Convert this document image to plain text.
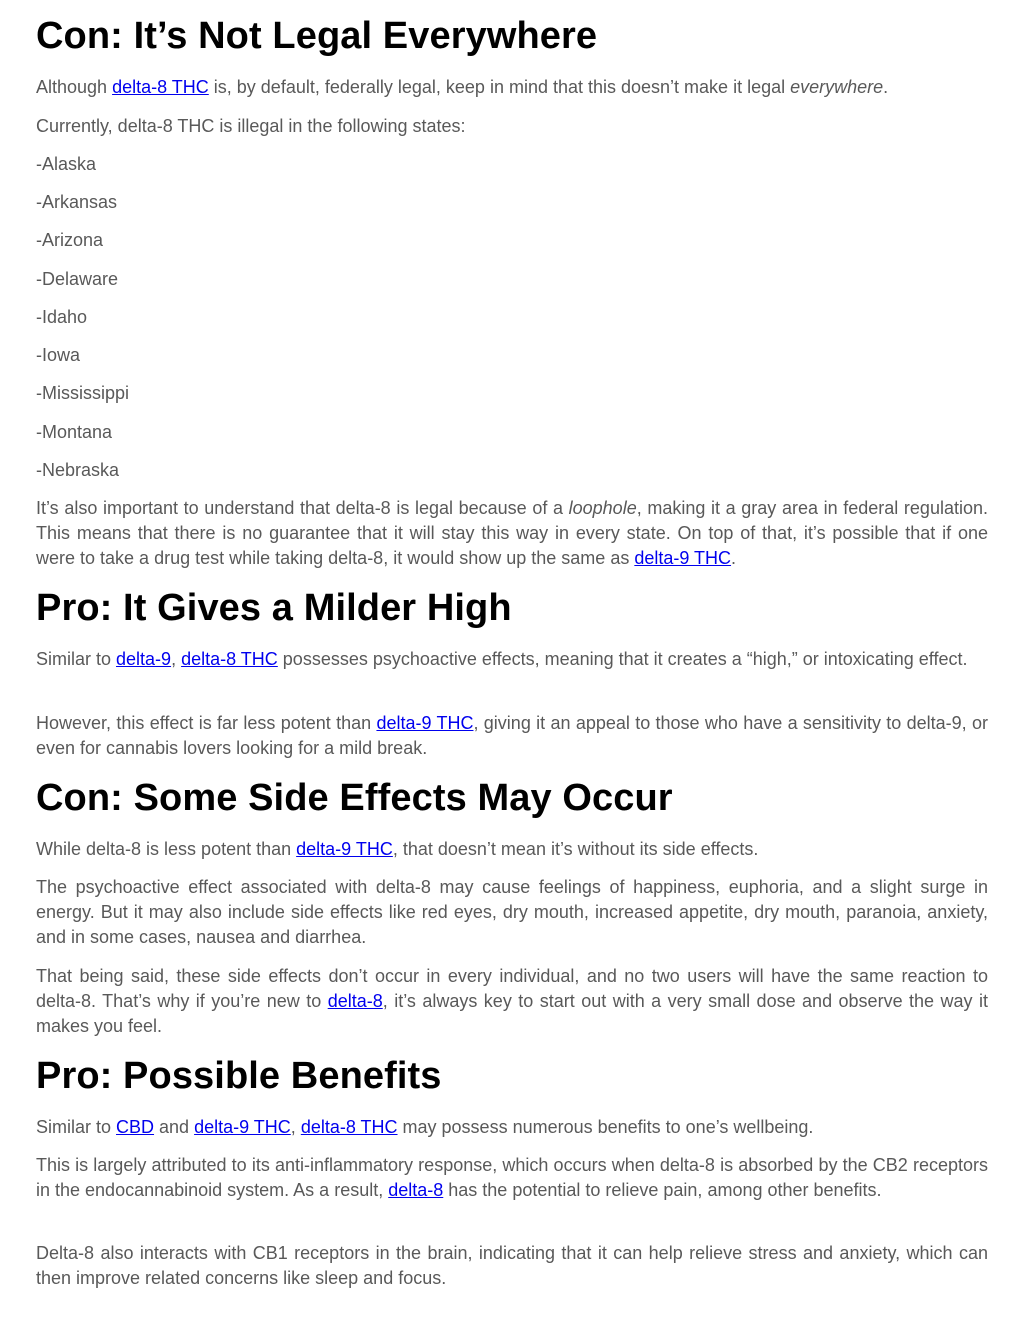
Con: It’s Not Legal Everywhere

Although delta-8 THC is, by default, federally legal, keep in mind that this doesn’t make it legal everywhere.

Currently, delta-8 THC is illegal in the following states:

-Alaska

-Arkansas

-Arizona

-Delaware

-Idaho

-Iowa

-Mississippi

-Montana

-Nebraska

It’s also important to understand that delta-8 is legal because of a loophole, making it a gray area in federal regulation. This means that there is no guarantee that it will stay this way in every state. On top of that, it’s possible that if one were to take a drug test while taking delta-8, it would show up the same as delta-9 THC.

Pro: It Gives a Milder High

Similar to delta-9, delta-8 THC possesses psychoactive effects, meaning that it creates a “high,” or intoxicating effect.

However, this effect is far less potent than delta-9 THC, giving it an appeal to those who have a sensitivity to delta-9, or even for cannabis lovers looking for a mild break.

Con: Some Side Effects May Occur

While delta-8 is less potent than delta-9 THC, that doesn’t mean it’s without its side effects.

The psychoactive effect associated with delta-8 may cause feelings of happiness, euphoria, and a slight surge in energy. But it may also include side effects like red eyes, dry mouth, increased appetite, dry mouth, paranoia, anxiety, and in some cases, nausea and diarrhea.

That being said, these side effects don’t occur in every individual, and no two users will have the same reaction to delta-8. That’s why if you’re new to delta-8, it’s always key to start out with a very small dose and observe the way it makes you feel.

Pro: Possible Benefits

Similar to CBD and delta-9 THC, delta-8 THC may possess numerous benefits to one’s wellbeing.

This is largely attributed to its anti-inflammatory response, which occurs when delta-8 is absorbed by the CB2 receptors in the endocannabinoid system. As a result, delta-8 has the potential to relieve pain, among other benefits.

Delta-8 also interacts with CB1 receptors in the brain, indicating that it can help relieve stress and anxiety, which can then improve related concerns like sleep and focus.
